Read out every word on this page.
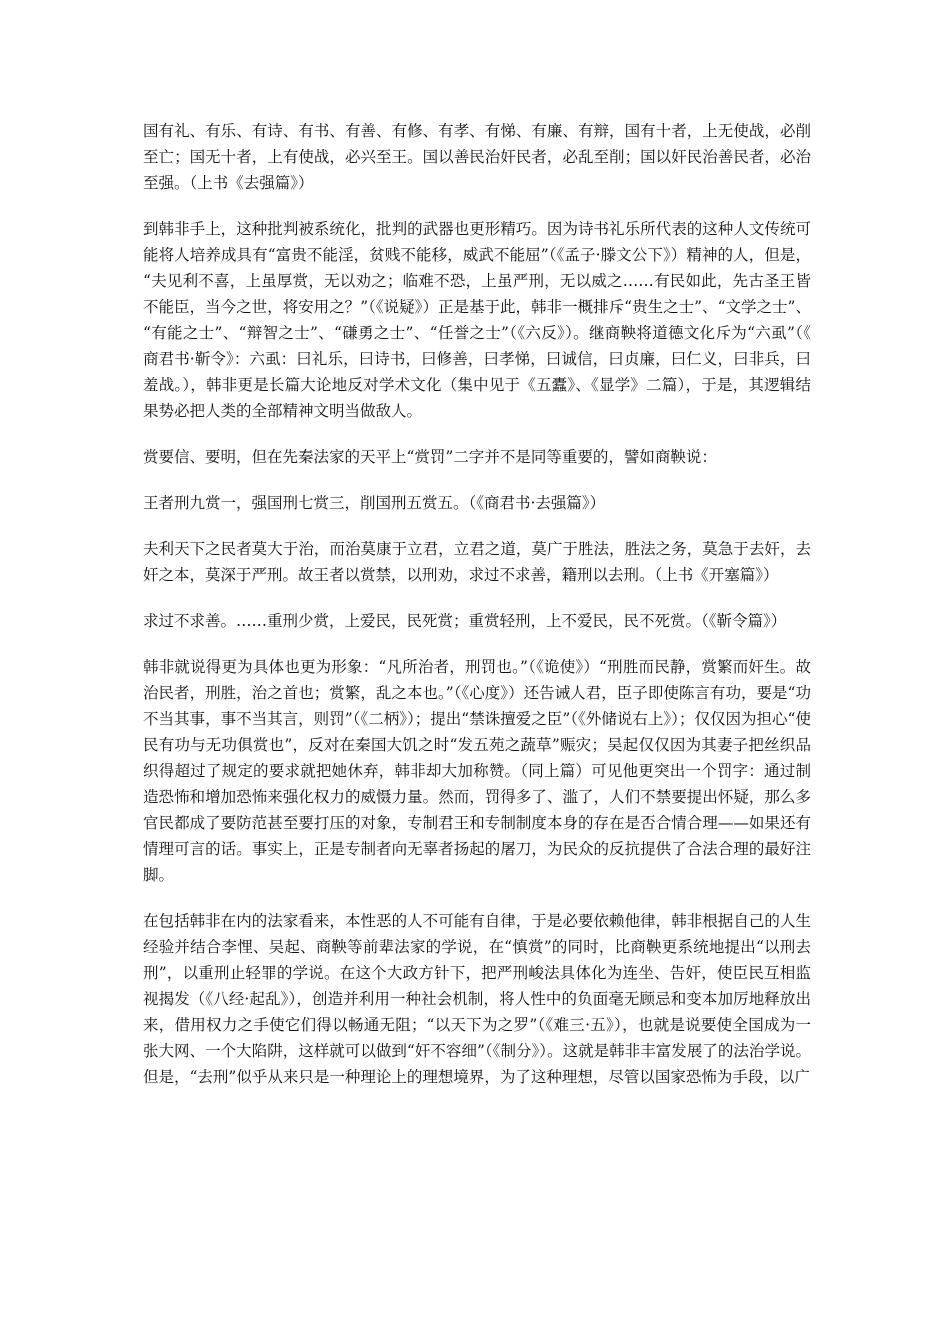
国有礼、有乐、有诗、有书、有善、有修、有孝、有悌、有廉、有辩，国有十者，上无使战，必削至亡；国无十者，上有使战，必兴至王。国以善民治奸民者，必乱至削；国以奸民治善民者，必治至强。（上书《去强篇》）

到韩非手上，这种批判被系统化，批判的武器也更形精巧。因为诗书礼乐所代表的这种人文传统可能将人培养成具有“富贵不能淫，贫贱不能移，威武不能屈”（《孟子·滕文公下》）精神的人，但是，“夫见利不喜，上虽厚赏，无以劝之；临难不恐，上虽严刑，无以威之……有民如此，先古圣王皆不能臣，当今之世，将安用之？”（《说疑》）正是基于此，韩非一概排斥“贵生之士”、“文学之士”、“有能之士”、“辩智之士”、“磏勇之士”、“任誉之士”（《六反》）。继商鞅将道德文化斥为“六虱”（《商君书·靳令》：六虱：曰礼乐，曰诗书，曰修善，曰孝悌，曰诚信，曰贞廉，曰仁义，曰非兵，曰羞战。），韩非更是长篇大论地反对学术文化（集中见于《五蠹》、《显学》二篇），于是，其逻辑结果势必把人类的全部精神文明当做敌人。

赏要信、要明，但在先秦法家的天平上“赏罚”二字并不是同等重要的，譬如商鞅说：

王者刑九赏一，强国刑七赏三，削国刑五赏五。（《商君书·去强篇》）

夫利天下之民者莫大于治，而治莫康于立君，立君之道，莫广于胜法，胜法之务，莫急于去奸，去奸之本，莫深于严刑。故王者以赏禁，以刑劝，求过不求善，籍刑以去刑。（上书《开塞篇》）

求过不求善。……重刑少赏，上爱民，民死赏；重赏轻刑，上不爱民，民不死赏。（《靳令篇》）

韩非就说得更为具体也更为形象：“凡所治者，刑罚也。”（《诡使》）“刑胜而民静，赏繁而奸生。故治民者，刑胜，治之首也；赏繁，乱之本也。”（《心度》）还告诫人君，臣子即使陈言有功，要是“功不当其事，事不当其言，则罚”（《二柄》）；提出“禁诛擅爱之臣”（《外储说右上》）；仅仅因为担心“使民有功与无功俱赏也”，反对在秦国大饥之时“发五苑之蔬草”赈灾；吴起仅仅因为其妻子把丝织品织得超过了规定的要求就把她休弃，韩非却大加称赞。（同上篇）可见他更突出一个罚字：通过制造恐怖和增加恐怖来强化权力的威慑力量。然而，罚得多了、滥了，人们不禁要提出怀疑，那么多官民都成了要防范甚至要打压的对象，专制君王和专制制度本身的存在是否合情合理——如果还有情理可言的话。事实上，正是专制者向无辜者扬起的屠刀，为民众的反抗提供了合法合理的最好注脚。

在包括韩非在内的法家看来，本性恶的人不可能有自律，于是必要依赖他律，韩非根据自己的人生经验并结合李悝、吴起、商鞅等前辈法家的学说，在“慎赏”的同时，比商鞅更系统地提出“以刑去刑”，以重刑止轻罪的学说。在这个大政方针下，把严刑峻法具体化为连坐、告奸，使臣民互相监视揭发（《八经·起乱》），创造并利用一种社会机制，将人性中的负面毫无顾忌和变本加厉地释放出来，借用权力之手使它们得以畅通无阻；“以天下为之罗”（《难三·五》），也就是说要使全国成为一张大网、一个大陷阱，这样就可以做到“奸不容细”（《制分》）。这就是韩非丰富发展了的法治学说。但是，“去刑”似乎从来只是一种理论上的理想境界，为了这种理想，尽管以国家恐怖为手段，以广
